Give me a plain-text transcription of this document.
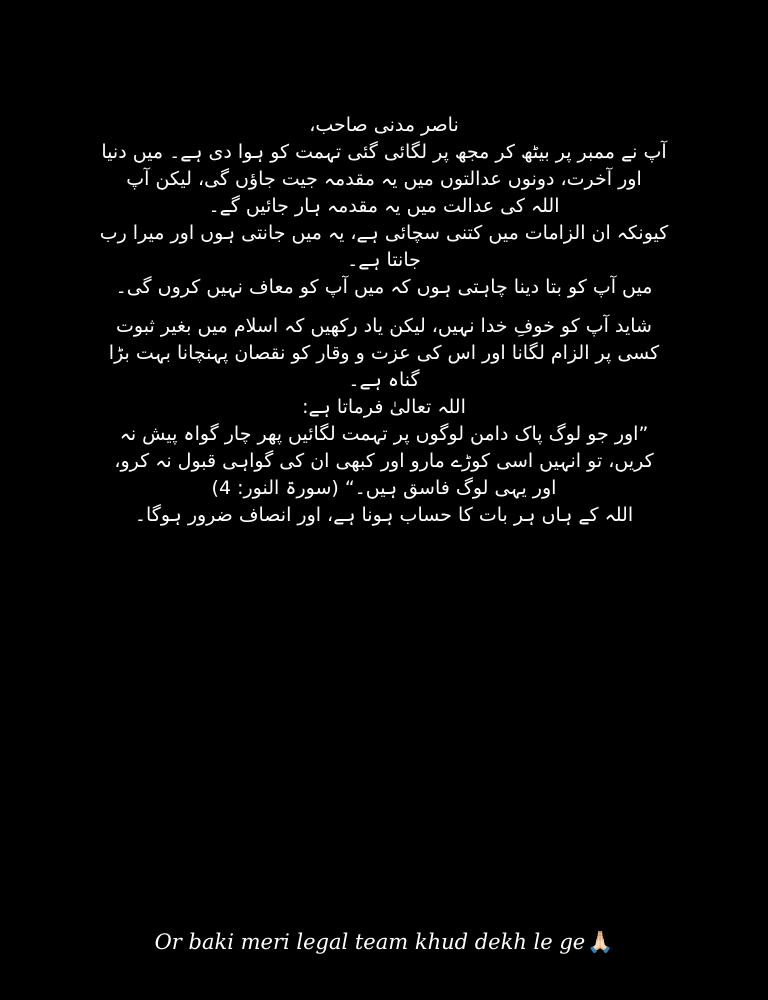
ناصر مدنی صاحب،
آپ نے ممبر پر بیٹھ کر مجھ پر لگائی گئی تہمت کو ہوا دی ہے۔ میں دنیا
اور آخرت، دونوں عدالتوں میں یہ مقدمہ جیت جاؤں گی، لیکن آپ
اللہ کی عدالت میں یہ مقدمہ ہار جائیں گے۔
کیونکہ ان الزامات میں کتنی سچائی ہے، یہ میں جانتی ہوں اور میرا رب
جانتا ہے۔
میں آپ کو بتا دینا چاہتی ہوں کہ میں آپ کو معاف نہیں کروں گی۔
شاید آپ کو خوفِ خدا نہیں، لیکن یاد رکھیں کہ اسلام میں بغیر ثبوت
کسی پر الزام لگانا اور اس کی عزت و وقار کو نقصان پہنچانا بہت بڑا
گناہ ہے۔
اللہ تعالیٰ فرماتا ہے:
”اور جو لوگ پاک دامن لوگوں پر تہمت لگائیں پھر چار گواہ پیش نہ
کریں، تو انہیں اسی کوڑے مارو اور کبھی ان کی گواہی قبول نہ کرو،
اور یہی لوگ فاسق ہیں۔“ (سورۃ النور: 4)
اللہ کے ہاں ہر بات کا حساب ہونا ہے، اور انصاف ضرور ہوگا۔
Or baki meri legal team khud dekh le ge🙏🏻
